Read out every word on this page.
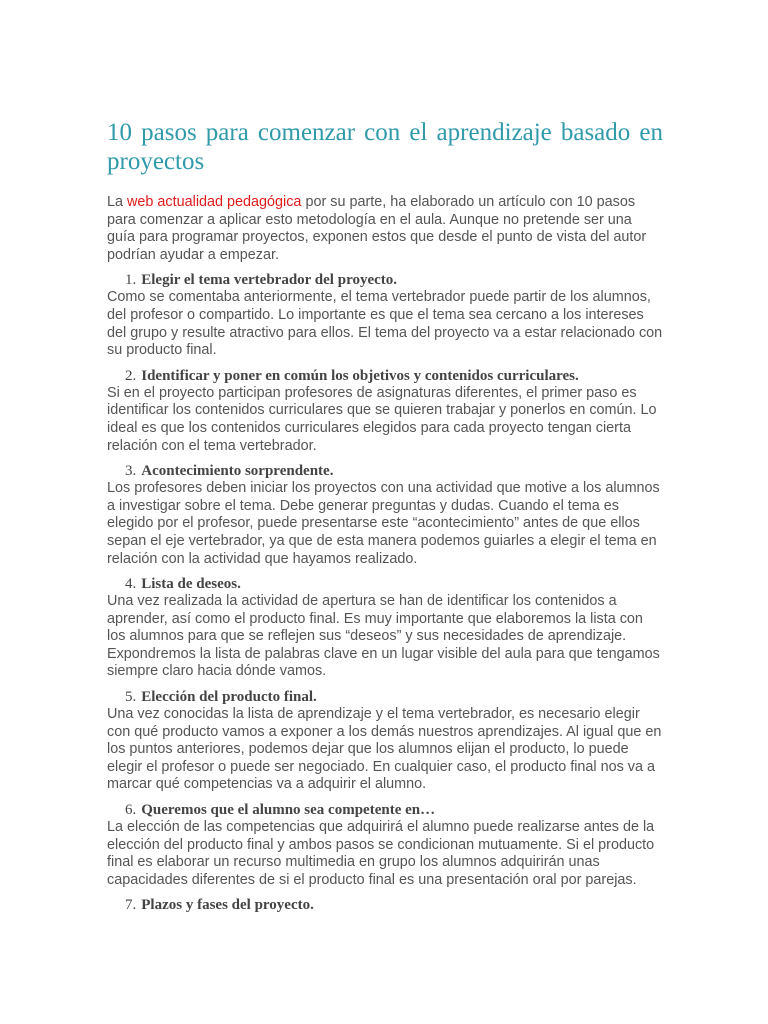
10 pasos para comenzar con el aprendizaje basado en proyectos

La web actualidad pedagógica por su parte, ha elaborado un artículo con 10 pasos para comenzar a aplicar esto metodología en el aula. Aunque no pretende ser una guía para programar proyectos, exponen estos que desde el punto de vista del autor podrían ayudar a empezar.

1. Elegir el tema vertebrador del proyecto.

Como se comentaba anteriormente, el tema vertebrador puede partir de los alumnos, del profesor o compartido. Lo importante es que el tema sea cercano a los intereses del grupo y resulte atractivo para ellos. El tema del proyecto va a estar relacionado con su producto final.

2. Identificar y poner en común los objetivos y contenidos curriculares.

Si en el proyecto participan profesores de asignaturas diferentes, el primer paso es identificar los contenidos curriculares que se quieren trabajar y ponerlos en común. Lo ideal es que los contenidos curriculares elegidos para cada proyecto tengan cierta relación con el tema vertebrador.

3. Acontecimiento sorprendente.

Los profesores deben iniciar los proyectos con una actividad que motive a los alumnos a investigar sobre el tema. Debe generar preguntas y dudas. Cuando el tema es elegido por el profesor, puede presentarse este “acontecimiento” antes de que ellos sepan el eje vertebrador, ya que de esta manera podemos guiarles a elegir el tema en relación con la actividad que hayamos realizado.

4. Lista de deseos.

Una vez realizada la actividad de apertura se han de identificar los contenidos a aprender, así como el producto final. Es muy importante que elaboremos la lista con los alumnos para que se reflejen sus “deseos” y sus necesidades de aprendizaje. Expondremos la lista de palabras clave en un lugar visible del aula para que tengamos siempre claro hacia dónde vamos.

5. Elección del producto final.

Una vez conocidas la lista de aprendizaje y el tema vertebrador, es necesario elegir con qué producto vamos a exponer a los demás nuestros aprendizajes. Al igual que en los puntos anteriores, podemos dejar que los alumnos elijan el producto, lo puede elegir el profesor o puede ser negociado. En cualquier caso, el producto final nos va a marcar qué competencias va a adquirir el alumno.

6. Queremos que el alumno sea competente en…

La elección de las competencias que adquirirá el alumno puede realizarse antes de la elección del producto final y ambos pasos se condicionan mutuamente. Si el producto final es elaborar un recurso multimedia en grupo los alumnos adquirirán unas capacidades diferentes de si el producto final es una presentación oral por parejas.

7. Plazos y fases del proyecto.
